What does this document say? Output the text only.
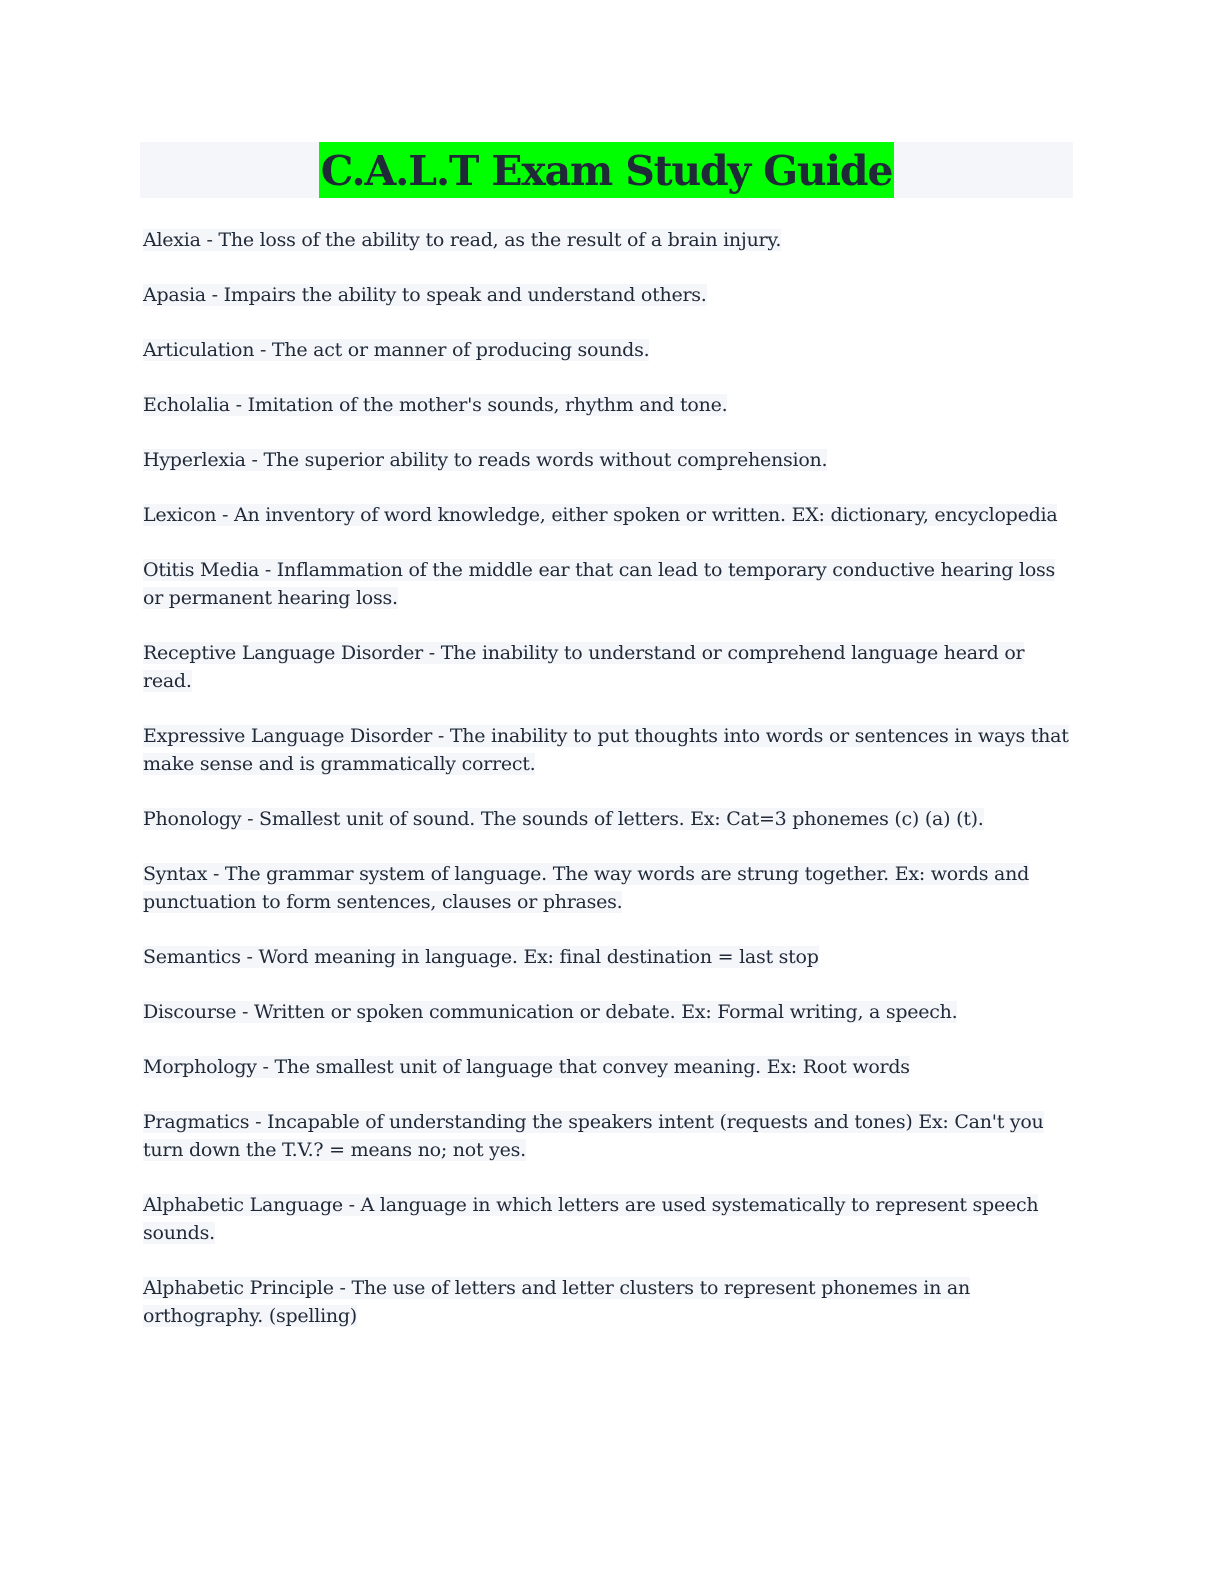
C.A.L.T Exam Study Guide

Alexia - The loss of the ability to read, as the result of a brain injury.

Apasia - Impairs the ability to speak and understand others.

Articulation - The act or manner of producing sounds.

Echolalia - Imitation of the mother's sounds, rhythm and tone.

Hyperlexia - The superior ability to reads words without comprehension.

Lexicon - An inventory of word knowledge, either spoken or written. EX: dictionary, encyclopedia

Otitis Media - Inflammation of the middle ear that can lead to temporary conductive hearing loss or permanent hearing loss.

Receptive Language Disorder - The inability to understand or comprehend language heard or read.

Expressive Language Disorder - The inability to put thoughts into words or sentences in ways that make sense and is grammatically correct.

Phonology - Smallest unit of sound. The sounds of letters. Ex: Cat=3 phonemes (c) (a) (t).

Syntax - The grammar system of language. The way words are strung together. Ex: words and punctuation to form sentences, clauses or phrases.

Semantics - Word meaning in language. Ex: final destination = last stop

Discourse - Written or spoken communication or debate. Ex: Formal writing, a speech.

Morphology - The smallest unit of language that convey meaning. Ex: Root words

Pragmatics - Incapable of understanding the speakers intent (requests and tones) Ex: Can't you turn down the T.V.? = means no; not yes.

Alphabetic Language - A language in which letters are used systematically to represent speech sounds.

Alphabetic Principle - The use of letters and letter clusters to represent phonemes in an orthography. (spelling)
